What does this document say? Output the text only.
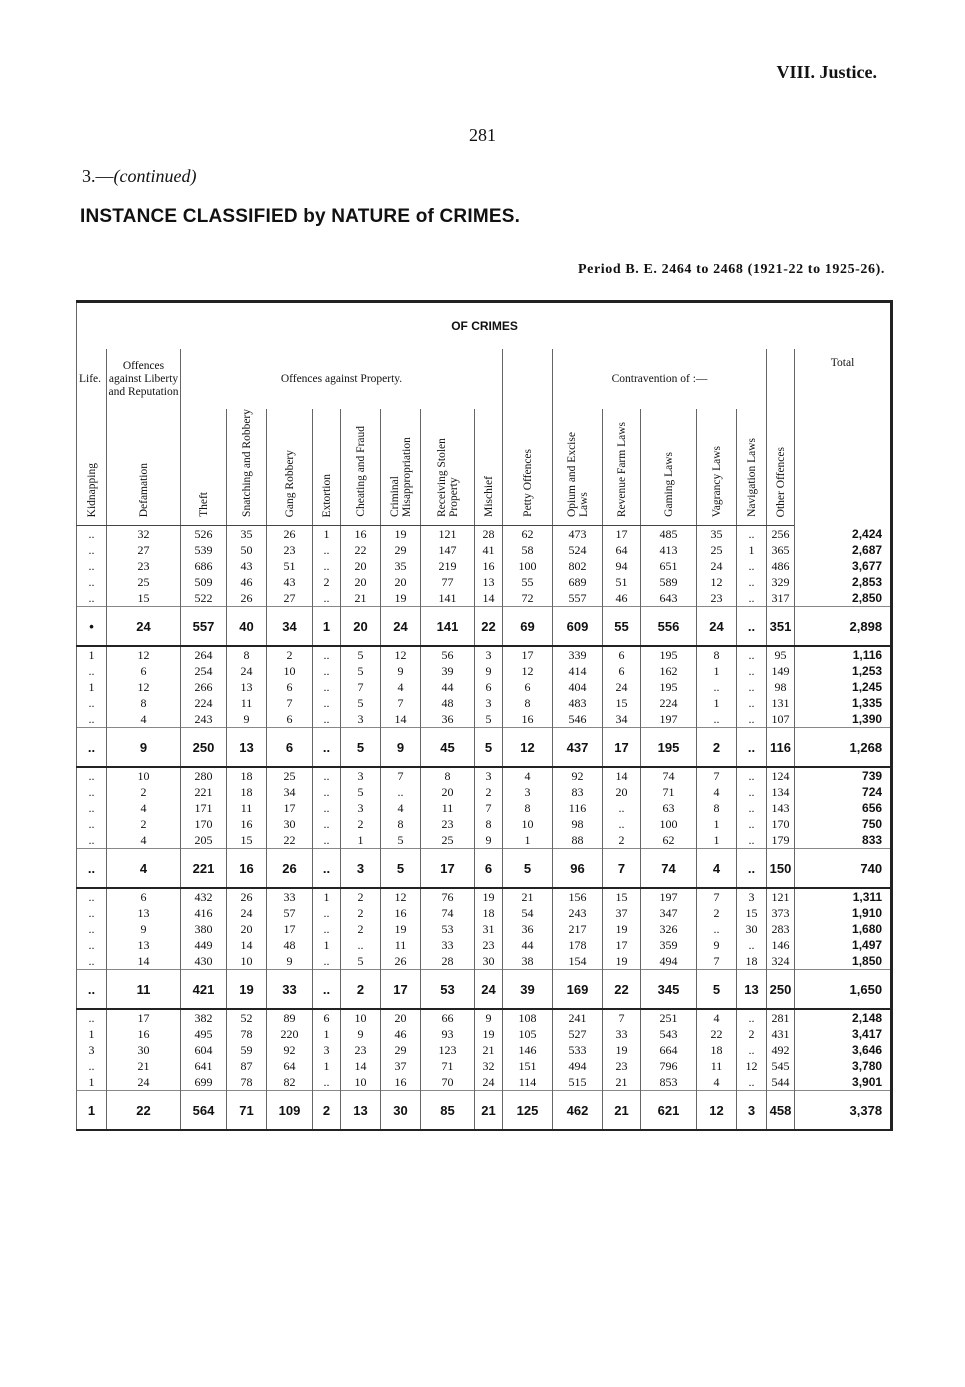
VIII. Justice.
281
3.—(continued)
INSTANCE CLASSIFIED by NATURE of CRIMES.
Period B. E. 2464 to 2468 (1921-22 to 1925-26).
OF CRIMES																	
Life.	Offences against Liberty and Reputation	Offences against Property.									Contravention of :—						Total
Kidnapping	Defamation	Theft	Snatching and Robbery	Gang Robbery	Extortion	Cheating and Fraud	Criminal Misappropriation	Receiving Stolen Property	Mischief	Petty Offences	Opium and Excise Laws	Revenue Farm Laws	Gaming Laws	Vagrancy Laws	Navigation Laws	Other Offences	
..	32	526	35	26	1	16	19	121	28	62	473	17	485	35	..	256	2,424
..	27	539	50	23	..	22	29	147	41	58	524	64	413	25	1	365	2,687
..	23	686	43	51	..	20	35	219	16	100	802	94	651	24	..	486	3,677
..	25	509	46	43	2	20	20	77	13	55	689	51	589	12	..	329	2,853
..	15	522	26	27	..	21	19	141	14	72	557	46	643	23	..	317	2,850
•	24	557	40	34	1	20	24	141	22	69	609	55	556	24	..	351	2,898
1	12	264	8	2	..	5	12	56	3	17	339	6	195	8	..	95	1,116
..	6	254	24	10	..	5	9	39	9	12	414	6	162	1	..	149	1,253
1	12	266	13	6	..	7	4	44	6	6	404	24	195	..	..	98	1,245
..	8	224	11	7	..	5	7	48	3	8	483	15	224	1	..	131	1,335
..	4	243	9	6	..	3	14	36	5	16	546	34	197	..	..	107	1,390
..	9	250	13	6	..	5	9	45	5	12	437	17	195	2	..	116	1,268
..	10	280	18	25	..	3	7	8	3	4	92	14	74	7	..	124	739
..	2	221	18	34	..	5	..	20	2	3	83	20	71	4	..	134	724
..	4	171	11	17	..	3	4	11	7	8	116	..	63	8	..	143	656
..	2	170	16	30	..	2	8	23	8	10	98	..	100	1	..	170	750
..	4	205	15	22	..	1	5	25	9	1	88	2	62	1	..	179	833
..	4	221	16	26	..	3	5	17	6	5	96	7	74	4	..	150	740
..	6	432	26	33	1	2	12	76	19	21	156	15	197	7	3	121	1,311
..	13	416	24	57	..	2	16	74	18	54	243	37	347	2	15	373	1,910
..	9	380	20	17	..	2	19	53	31	36	217	19	326	..	30	283	1,680
..	13	449	14	48	1	..	11	33	23	44	178	17	359	9	..	146	1,497
..	14	430	10	9	..	5	26	28	30	38	154	19	494	7	18	324	1,850
..	11	421	19	33	..	2	17	53	24	39	169	22	345	5	13	250	1,650
..	17	382	52	89	6	10	20	66	9	108	241	7	251	4	..	281	2,148
1	16	495	78	220	1	9	46	93	19	105	527	33	543	22	2	431	3,417
3	30	604	59	92	3	23	29	123	21	146	533	19	664	18	..	492	3,646
..	21	641	87	64	1	14	37	71	32	151	494	23	796	11	12	545	3,780
1	24	699	78	82	..	10	16	70	24	114	515	21	853	4	..	544	3,901
1	22	564	71	109	2	13	30	85	21	125	462	21	621	12	3	458	3,378
